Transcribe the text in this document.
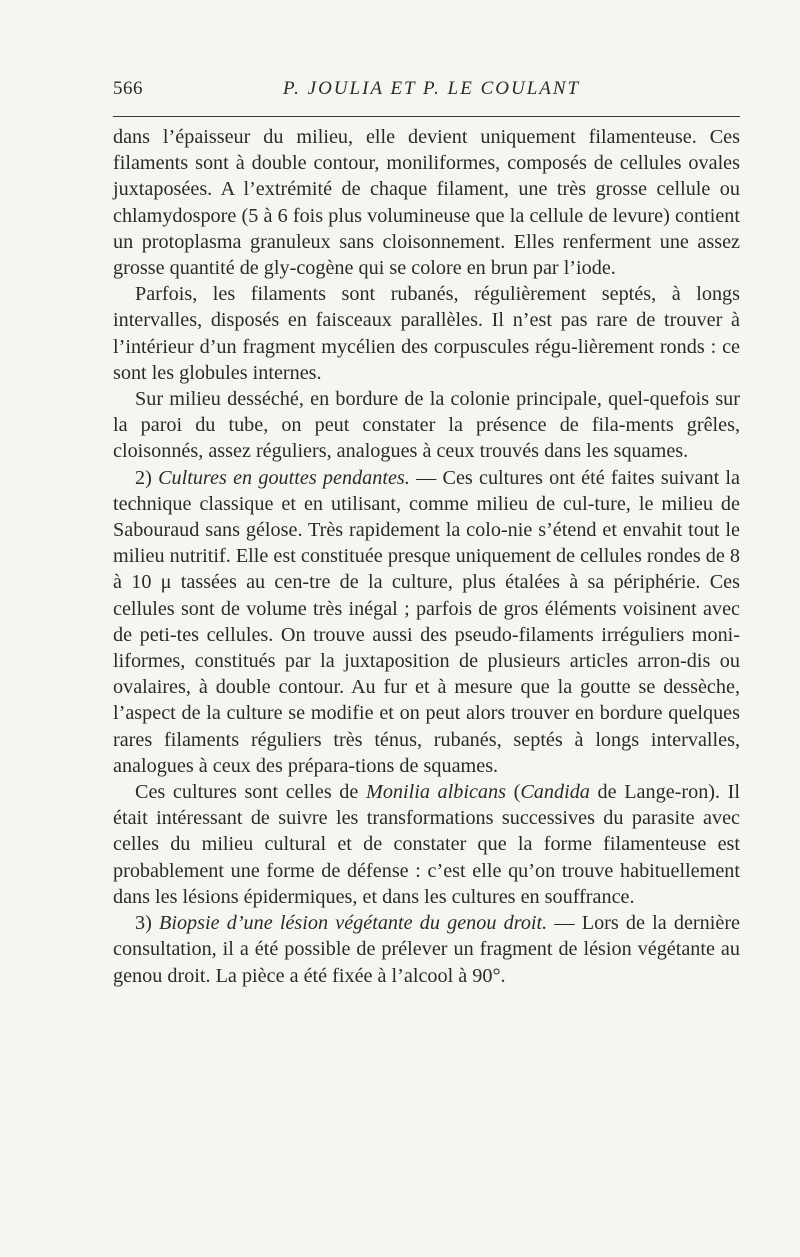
566	P. JOULIA ET P. LE COULANT

dans l’épaisseur du milieu, elle devient uniquement filamenteuse. Ces filaments sont à double contour, moniliformes, composés de cellules ovales juxtaposées. A l’extrémité de chaque filament, une très grosse cellule ou chlamydospore (5 à 6 fois plus volumineuse que la cellule de levure) contient un protoplasma granuleux sans cloisonnement. Elles renferment une assez grosse quantité de gly-cogène qui se colore en brun par l’iode.

Parfois, les filaments sont rubanés, régulièrement septés, à longs intervalles, disposés en faisceaux parallèles. Il n’est pas rare de trouver à l’intérieur d’un fragment mycélien des corpuscules régu-lièrement ronds : ce sont les globules internes.

Sur milieu desséché, en bordure de la colonie principale, quel-quefois sur la paroi du tube, on peut constater la présence de fila-ments grêles, cloisonnés, assez réguliers, analogues à ceux trouvés dans les squames.

2) Cultures en gouttes pendantes. — Ces cultures ont été faites suivant la technique classique et en utilisant, comme milieu de cul-ture, le milieu de Sabouraud sans gélose. Très rapidement la colo-nie s’étend et envahit tout le milieu nutritif. Elle est constituée presque uniquement de cellules rondes de 8 à 10 μ tassées au cen-tre de la culture, plus étalées à sa périphérie. Ces cellules sont de volume très inégal ; parfois de gros éléments voisinent avec de peti-tes cellules. On trouve aussi des pseudo-filaments irréguliers moni-liformes, constitués par la juxtaposition de plusieurs articles arron-dis ou ovalaires, à double contour. Au fur et à mesure que la goutte se dessèche, l’aspect de la culture se modifie et on peut alors trouver en bordure quelques rares filaments réguliers très ténus, rubanés, septés à longs intervalles, analogues à ceux des prépara-tions de squames.

Ces cultures sont celles de Monilia albicans (Candida de Lange-ron). Il était intéressant de suivre les transformations successives du parasite avec celles du milieu cultural et de constater que la forme filamenteuse est probablement une forme de défense : c’est elle qu’on trouve habituellement dans les lésions épidermiques, et dans les cultures en souffrance.

3) Biopsie d’une lésion végétante du genou droit. — Lors de la dernière consultation, il a été possible de prélever un fragment de lésion végétante au genou droit. La pièce a été fixée à l’alcool à 90°.
